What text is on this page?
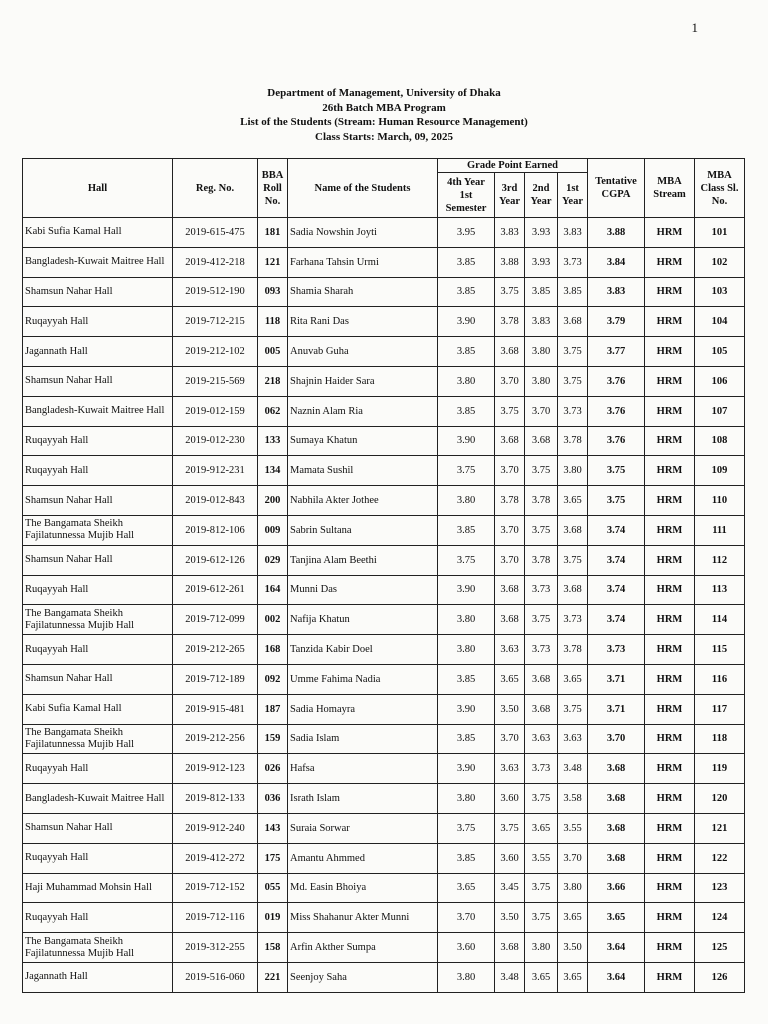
1
Department of Management, University of Dhaka
26th Batch MBA Program
List of the Students (Stream: Human Resource Management)
Class Starts: March, 09, 2025
Hall	Reg. No.	BBA Roll No.	Name of the Students	Grade Point Earned				Tentative CGPA	MBA Stream	MBA Class Sl. No.
				4th Year 1st Semester	3rd Year	2nd Year	1st Year			
Kabi Sufia Kamal Hall	2019-615-475	181	Sadia Nowshin Joyti	3.95	3.83	3.93	3.83	3.88	HRM	101
Bangladesh-Kuwait Maitree Hall	2019-412-218	121	Farhana Tahsin Urmi	3.85	3.88	3.93	3.73	3.84	HRM	102
Shamsun Nahar Hall	2019-512-190	093	Shamia Sharah	3.85	3.75	3.85	3.85	3.83	HRM	103
Ruqayyah Hall	2019-712-215	118	Rita Rani Das	3.90	3.78	3.83	3.68	3.79	HRM	104
Jagannath Hall	2019-212-102	005	Anuvab Guha	3.85	3.68	3.80	3.75	3.77	HRM	105
Shamsun Nahar Hall	2019-215-569	218	Shajnin Haider Sara	3.80	3.70	3.80	3.75	3.76	HRM	106
Bangladesh-Kuwait Maitree Hall	2019-012-159	062	Naznin Alam Ria	3.85	3.75	3.70	3.73	3.76	HRM	107
Ruqayyah Hall	2019-012-230	133	Sumaya Khatun	3.90	3.68	3.68	3.78	3.76	HRM	108
Ruqayyah Hall	2019-912-231	134	Mamata Sushil	3.75	3.70	3.75	3.80	3.75	HRM	109
Shamsun Nahar Hall	2019-012-843	200	Nabhila Akter Jothee	3.80	3.78	3.78	3.65	3.75	HRM	110
The Bangamata Sheikh Fajilatunnessa Mujib Hall	2019-812-106	009	Sabrin Sultana	3.85	3.70	3.75	3.68	3.74	HRM	111
Shamsun Nahar Hall	2019-612-126	029	Tanjina Alam Beethi	3.75	3.70	3.78	3.75	3.74	HRM	112
Ruqayyah Hall	2019-612-261	164	Munni Das	3.90	3.68	3.73	3.68	3.74	HRM	113
The Bangamata Sheikh Fajilatunnessa Mujib Hall	2019-712-099	002	Nafija Khatun	3.80	3.68	3.75	3.73	3.74	HRM	114
Ruqayyah Hall	2019-212-265	168	Tanzida Kabir Doel	3.80	3.63	3.73	3.78	3.73	HRM	115
Shamsun Nahar Hall	2019-712-189	092	Umme Fahima Nadia	3.85	3.65	3.68	3.65	3.71	HRM	116
Kabi Sufia Kamal Hall	2019-915-481	187	Sadia Homayra	3.90	3.50	3.68	3.75	3.71	HRM	117
The Bangamata Sheikh Fajilatunnessa Mujib Hall	2019-212-256	159	Sadia Islam	3.85	3.70	3.63	3.63	3.70	HRM	118
Ruqayyah Hall	2019-912-123	026	Hafsa	3.90	3.63	3.73	3.48	3.68	HRM	119
Bangladesh-Kuwait Maitree Hall	2019-812-133	036	Israth Islam	3.80	3.60	3.75	3.58	3.68	HRM	120
Shamsun Nahar Hall	2019-912-240	143	Suraia Sorwar	3.75	3.75	3.65	3.55	3.68	HRM	121
Ruqayyah Hall	2019-412-272	175	Amantu Ahmmed	3.85	3.60	3.55	3.70	3.68	HRM	122
Haji Muhammad Mohsin Hall	2019-712-152	055	Md. Easin Bhoiya	3.65	3.45	3.75	3.80	3.66	HRM	123
Ruqayyah Hall	2019-712-116	019	Miss Shahanur Akter Munni	3.70	3.50	3.75	3.65	3.65	HRM	124
The Bangamata Sheikh Fajilatunnessa Mujib Hall	2019-312-255	158	Arfin Akther Sumpa	3.60	3.68	3.80	3.50	3.64	HRM	125
Jagannath Hall	2019-516-060	221	Seenjoy Saha	3.80	3.48	3.65	3.65	3.64	HRM	126
